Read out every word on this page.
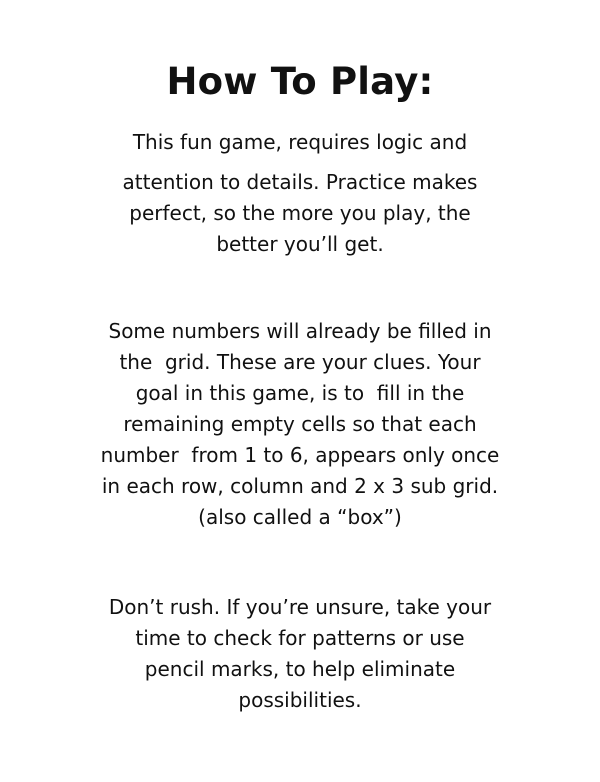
How To Play:

This fun game, requires logic and
attention to details. Practice makes
perfect, so the more you play, the
better you’ll get.

Some numbers will already be filled in
the  grid. These are your clues. Your
goal in this game, is to  fill in the
remaining empty cells so that each
number  from 1 to 6, appears only once
in each row, column and 2 x 3 sub grid.
(also called a “box”)

Don’t rush. If you’re unsure, take your
time to check for patterns or use
pencil marks, to help eliminate
possibilities.
